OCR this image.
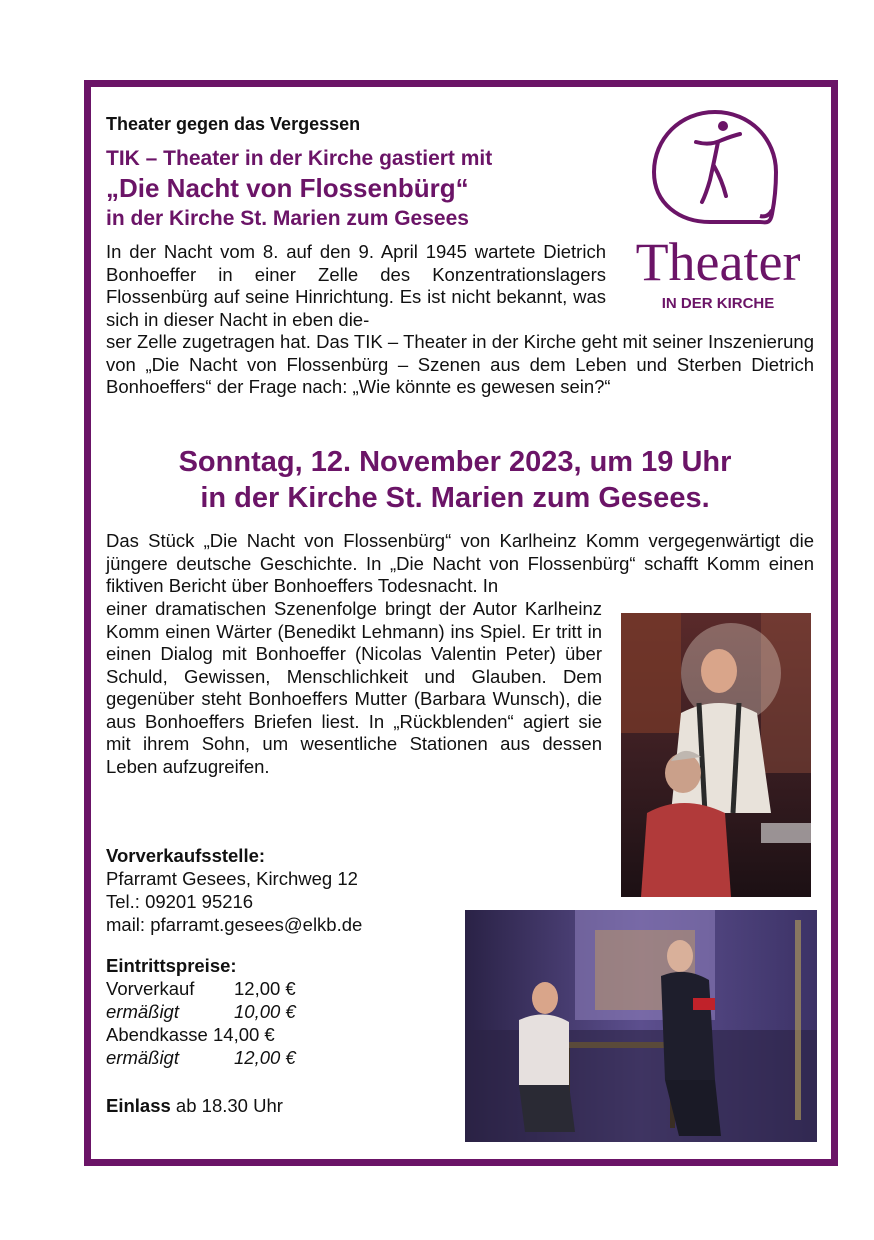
Theater gegen das Vergessen
TIK – Theater in der Kirche gastiert mit
„Die Nacht von Flossenbürg“
in der Kirche St. Marien zum Gesees
Theater
IN DER KIRCHE
In der Nacht vom 8. auf den 9. April 1945 wartete Dietrich Bonhoeffer in einer Zelle des Konzentrationslagers Flossenbürg auf seine Hinrichtung. Es ist nicht bekannt, was sich in dieser Nacht in eben die-
ser Zelle zugetragen hat. Das TIK – Theater in der Kirche geht mit seiner Inszenierung von „Die Nacht von Flossenbürg – Szenen aus dem Leben und Sterben Dietrich Bonhoeffers“ der Frage nach: „Wie könnte es gewesen sein?“
Sonntag, 12. November 2023, um 19 Uhr
in der Kirche St. Marien zum Gesees.
Das Stück „Die Nacht von Flossenbürg“ von Karlheinz Komm vergegenwärtigt die jüngere deutsche Geschichte. In „Die Nacht von Flossenbürg“ schafft Komm einen fiktiven Bericht über Bonhoeffers Todesnacht. In
einer dramatischen Szenenfolge bringt der Autor Karlheinz Komm einen Wärter (Benedikt Lehmann) ins Spiel. Er tritt in einen Dialog mit Bonhoeffer (Nicolas Valentin Peter) über Schuld, Gewissen, Menschlichkeit und Glauben. Dem gegenüber steht Bonhoeffers Mutter (Barbara Wunsch), die aus Bonhoeffers Briefen liest. In „Rückblenden“ agiert sie mit ihrem Sohn, um wesentliche Stationen aus dessen Leben aufzugreifen.
Vorverkaufsstelle:
Pfarramt Gesees, Kirchweg 12
Tel.: 09201 95216
mail: pfarramt.gesees@elkb.de
Eintrittspreise:
Vorverkauf	12,00 €
ermäßigt	10,00 €
Abendkasse 14,00 €
ermäßigt	12,00 €
Einlass ab 18.30 Uhr
